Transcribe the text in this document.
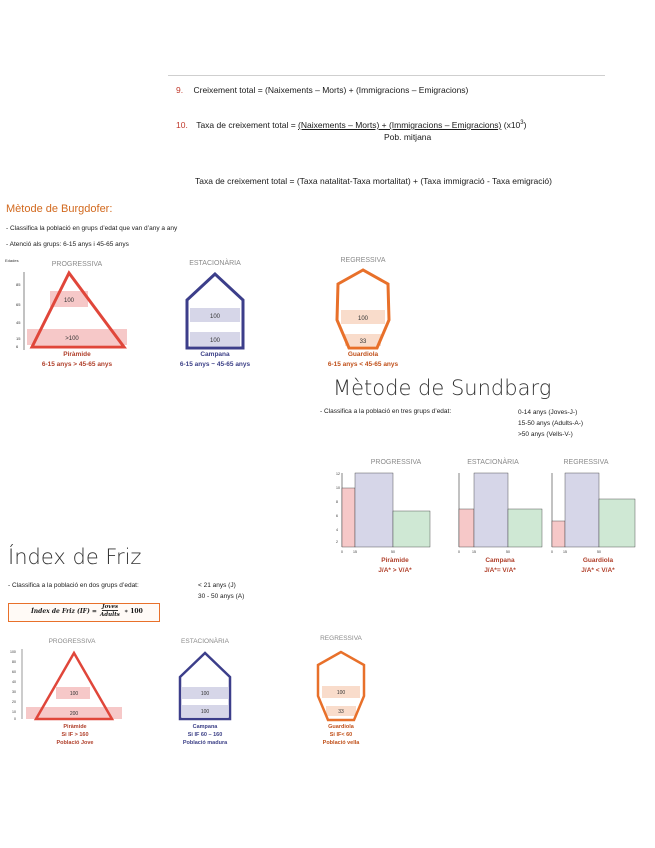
9. Creixement total = (Naixements – Morts) + (Immigracions – Emigracions)
10. Taxa de creixement total = (Naixements – Morts) + (Immigracions – Emigracions) $(x10^3)$
Pob. mitjana
Taxa de creixement total = (Taxa natalitat-Taxa mortalitat) + (Taxa immigració - Taxa emigració)
Mètode de Burgdofer:
- Classifica la població en grups d’edat que van d’any a any
- Atenció als grups: 6-15 anys i 45-65 anys
Edades
85
65
45
15
6
PROGRESSIVA
100
>100
Piràmide
6-15 anys > 45-65 anys
ESTACIONÀRIA
100
100
Campana
6-15 anys ~ 45-65 anys
REGRESSIVA
100
33
Guardiola
6-15 anys < 45-65 anys
Mètode de Sundbarg
- Classifica a la població en tres grups d’edat:	0-14 anys (Joves-J-)
15-50 anys (Adults-A-)
>50 anys (Vells-V-)
PROGRESSIVA
12
10
8
6
4
2
0	15	50
ESTACIONÀRIA
0	15	50
REGRESSIVA
0	15	50
Piràmide
J/A* > V/A*
Campana
J/A*= V/A*
Guardiola
J/A* < V/A*
Índex de Friz
- Classifica a la població en dos grups d’edat:	< 21 anys (J)
30 - 50 anys (A)
Índex de Friz (IF) =
Joves
Adults ∗ 100
PROGRESSIVA
100
80
60
40
30
20
10
0
100
200
Piràmide
Si IF > 160
Població Jove
ESTACIONÀRIA
100
100
Campana
Si IF 60 – 160
Població madura
REGRESSIVA
100
33
Guardiola
Si IF< 60
Població vella
